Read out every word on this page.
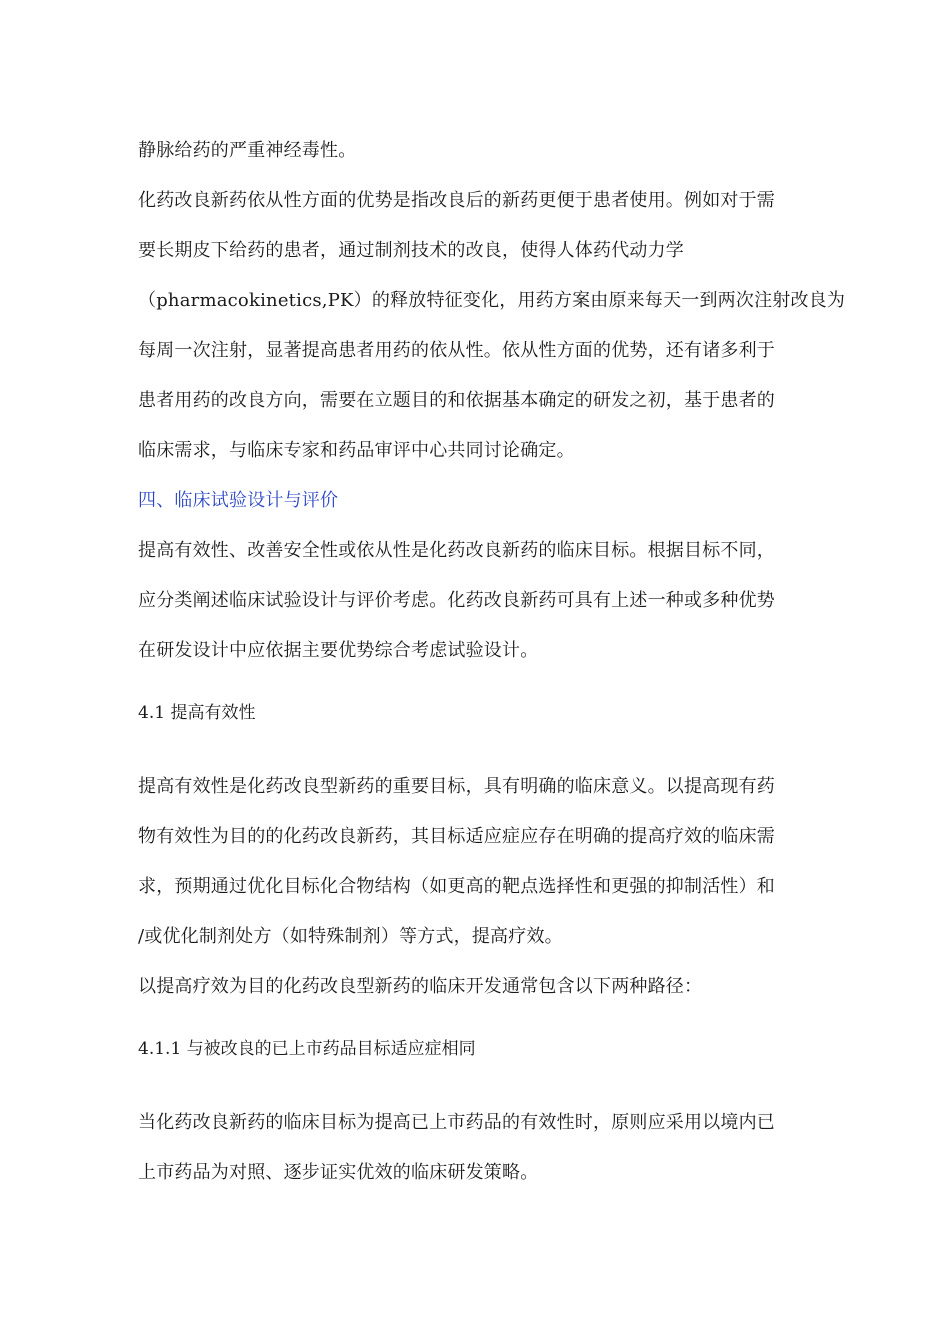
静脉给药的严重神经毒性。

化药改良新药依从性方面的优势是指改良后的新药更便于患者使用。例如对于需
要长期皮下给药的患者，通过制剂技术的改良，使得人体药代动力学
（pharmacokinetics,PK）的释放特征变化，用药方案由原来每天一到两次注射改良为
每周一次注射，显著提高患者用药的依从性。依从性方面的优势，还有诸多利于
患者用药的改良方向，需要在立题目的和依据基本确定的研发之初，基于患者的
临床需求，与临床专家和药品审评中心共同讨论确定。

四、临床试验设计与评价

提高有效性、改善安全性或依从性是化药改良新药的临床目标。根据目标不同，
应分类阐述临床试验设计与评价考虑。化药改良新药可具有上述一种或多种优势
在研发设计中应依据主要优势综合考虑试验设计。

4.1 提高有效性

提高有效性是化药改良型新药的重要目标，具有明确的临床意义。以提高现有药
物有效性为目的的化药改良新药，其目标适应症应存在明确的提高疗效的临床需
求，预期通过优化目标化合物结构（如更高的靶点选择性和更强的抑制活性）和
/或优化制剂处方（如特殊制剂）等方式，提高疗效。

以提高疗效为目的化药改良型新药的临床开发通常包含以下两种路径：

4.1.1 与被改良的已上市药品目标适应症相同

当化药改良新药的临床目标为提高已上市药品的有效性时，原则应采用以境内已
上市药品为对照、逐步证实优效的临床研发策略。
